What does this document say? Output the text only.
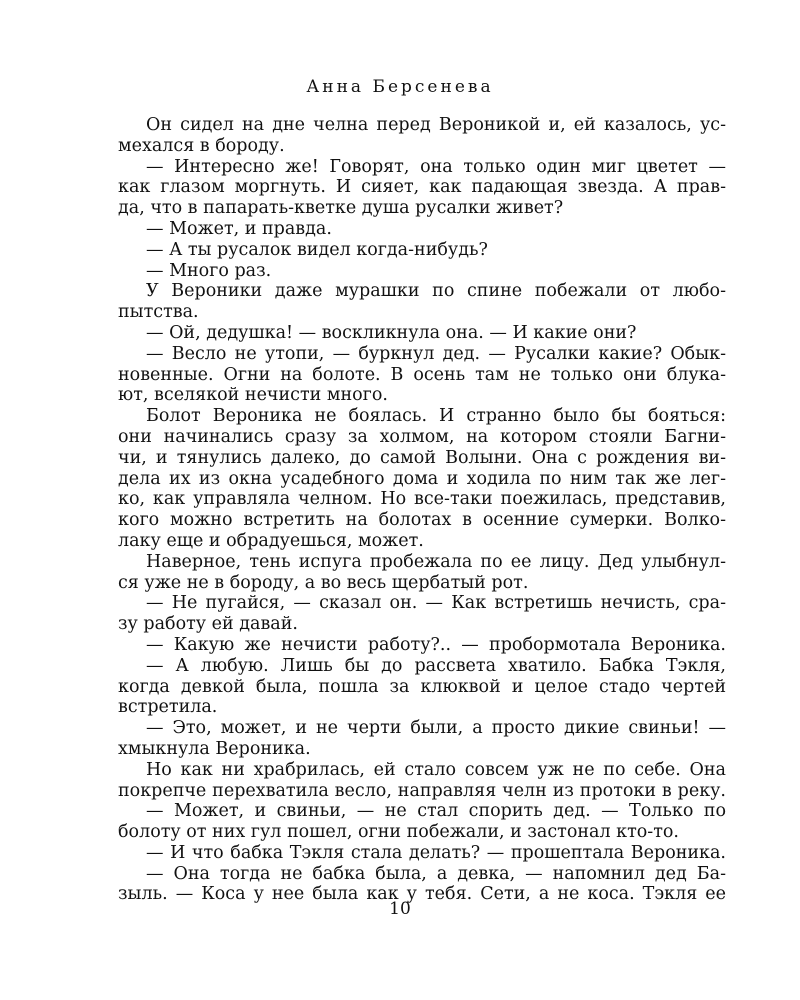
Анна Берсенева
Он сидел на дне челна перед Вероникой и, ей казалось, ус-
мехался в бороду.
— Интересно же! Говорят, она только один миг цветет —
как глазом моргнуть. И сияет, как падающая звезда. А прав-
да, что в папарать-кветке душа русалки живет?
— Может, и правда.
— А ты русалок видел когда-нибудь?
— Много раз.
У Вероники даже мурашки по спине побежали от любо-
пытства.
— Ой, дедушка! — воскликнула она. — И какие они?
— Весло не утопи, — буркнул дед. — Русалки какие? Обык-
новенные. Огни на болоте. В осень там не только они блука-
ют, вселякой нечисти много.
Болот Вероника не боялась. И странно было бы бояться:
они начинались сразу за холмом, на котором стояли Багни-
чи, и тянулись далеко, до самой Волыни. Она с рождения ви-
дела их из окна усадебного дома и ходила по ним так же лег-
ко, как управляла челном. Но все-таки поежилась, представив,
кого можно встретить на болотах в осенние сумерки. Волко-
лаку еще и обрадуешься, может.
Наверное, тень испуга пробежала по ее лицу. Дед улыбнул-
ся уже не в бороду, а во весь щербатый рот.
— Не пугайся, — сказал он. — Как встретишь нечисть, сра-
зу работу ей давай.
— Какую же нечисти работу?.. — пробормотала Вероника.
— А любую. Лишь бы до рассвета хватило. Бабка Тэкля,
когда девкой была, пошла за клюквой и целое стадо чертей
встретила.
— Это, может, и не черти были, а просто дикие свиньи! —
хмыкнула Вероника.
Но как ни храбрилась, ей стало совсем уж не по себе. Она
покрепче перехватила весло, направляя челн из протоки в реку.
— Может, и свиньи, — не стал спорить дед. — Только по
болоту от них гул пошел, огни побежали, и застонал кто-то.
— И что бабка Тэкля стала делать? — прошептала Вероника.
— Она тогда не бабка была, а девка, — напомнил дед Ба-
зыль. — Коса у нее была как у тебя. Сети, а не коса. Тэкля ее
10
